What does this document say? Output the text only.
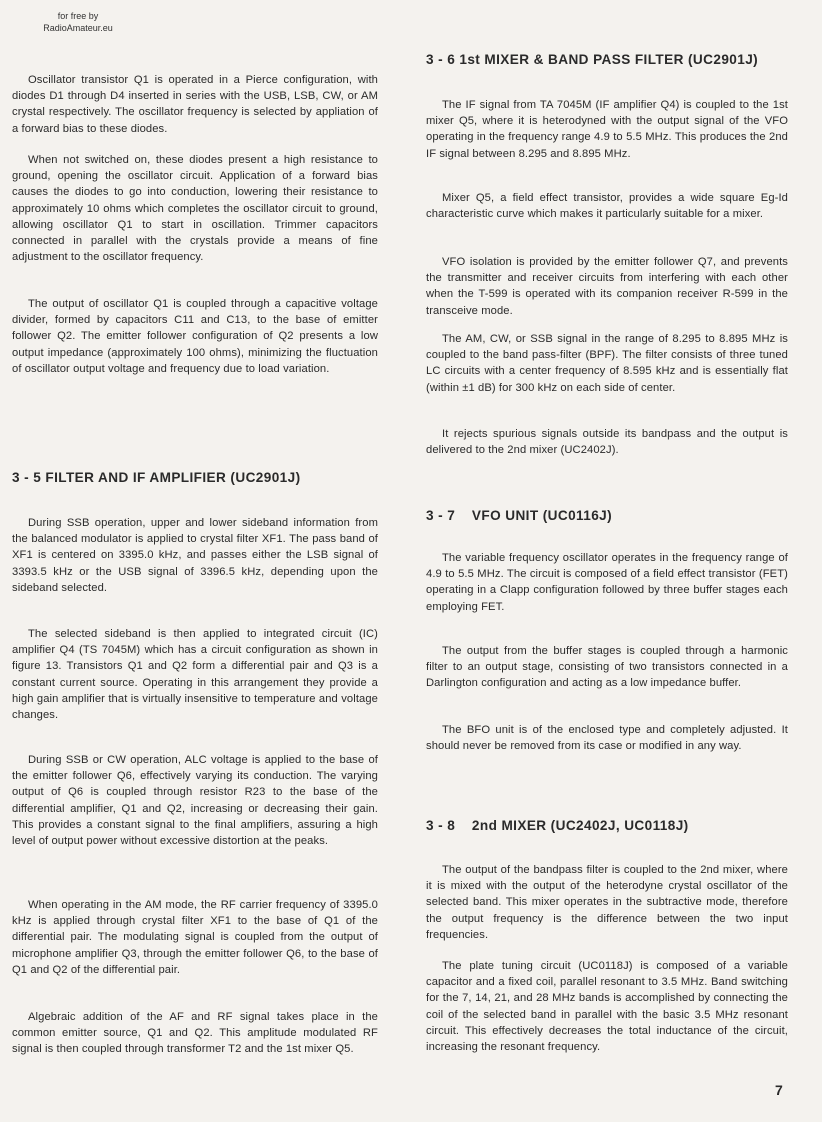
for free by
RadioAmateur.eu

Oscillator transistor Q1 is operated in a Pierce configuration, with diodes D1 through D4 inserted in series with the USB, LSB, CW, or AM crystal respectively. The oscillator frequency is selected by appliation of a forward bias to these diodes.

When not switched on, these diodes present a high resistance to ground, opening the oscillator circuit. Application of a forward bias causes the diodes to go into conduction, lowering their resistance to approximately 10 ohms which completes the oscillator circuit to ground, allowing oscillator Q1 to start in oscillation. Trimmer capacitors connected in parallel with the crystals provide a means of fine adjustment to the oscillator frequency.

The output of oscillator Q1 is coupled through a capacitive voltage divider, formed by capacitors C11 and C13, to the base of emitter follower Q2. The emitter follower configuration of Q2 presents a low output impedance (approximately 100 ohms), minimizing the fluctuation of oscillator output voltage and frequency due to load variation.

3 - 5 FILTER AND IF AMPLIFIER (UC2901J)

During SSB operation, upper and lower sideband information from the balanced modulator is applied to crystal filter XF1. The pass band of XF1 is centered on 3395.0 kHz, and passes either the LSB signal of 3393.5 kHz or the USB signal of 3396.5 kHz, depending upon the sideband selected.

The selected sideband is then applied to integrated circuit (IC) amplifier Q4 (TS 7045M) which has a circuit configuration as shown in figure 13. Transistors Q1 and Q2 form a differential pair and Q3 is a constant current source. Operating in this arrangement they provide a high gain amplifier that is virtually insensitive to temperature and voltage changes.

During SSB or CW operation, ALC voltage is applied to the base of the emitter follower Q6, effectively varying its conduction. The varying output of Q6 is coupled through resistor R23 to the base of the differential amplifier, Q1 and Q2, increasing or decreasing their gain. This provides a constant signal to the final amplifiers, assuring a high level of output power without excessive distortion at the peaks.

When operating in the AM mode, the RF carrier frequency of 3395.0 kHz is applied through crystal filter XF1 to the base of Q1 of the differential pair. The modulating signal is coupled from the output of microphone amplifier Q3, through the emitter follower Q6, to the base of Q1 and Q2 of the differential pair.

Algebraic addition of the AF and RF signal takes place in the common emitter source, Q1 and Q2. This amplitude modulated RF signal is then coupled through transformer T2 and the 1st mixer Q5.

3 - 6 1st MIXER & BAND PASS FILTER (UC2901J)

The IF signal from TA 7045M (IF amplifier Q4) is coupled to the 1st mixer Q5, where it is heterodyned with the output signal of the VFO operating in the frequency range 4.9 to 5.5 MHz. This produces the 2nd IF signal between 8.295 and 8.895 MHz.

Mixer Q5, a field effect transistor, provides a wide square Eg-Id characteristic curve which makes it particularly suitable for a mixer.

VFO isolation is provided by the emitter follower Q7, and prevents the transmitter and receiver circuits from interfering with each other when the T-599 is operated with its companion receiver R-599 in the transceive mode.

The AM, CW, or SSB signal in the range of 8.295 to 8.895 MHz is coupled to the band pass-filter (BPF). The filter consists of three tuned LC circuits with a center frequency of 8.595 kHz and is essentially flat (within ±1 dB) for 300 kHz on each side of center.

It rejects spurious signals outside its bandpass and the output is delivered to the 2nd mixer (UC2402J).

3 - 7    VFO UNIT (UC0116J)

The variable frequency oscillator operates in the frequency range of 4.9 to 5.5 MHz. The circuit is composed of a field effect transistor (FET) operating in a Clapp configuration followed by three buffer stages each employing FET.

The output from the buffer stages is coupled through a harmonic filter to an output stage, consisting of two transistors connected in a Darlington configuration and acting as a low impedance buffer.

The BFO unit is of the enclosed type and completely adjusted. It should never be removed from its case or modified in any way.

3 - 8    2nd MIXER (UC2402J, UC0118J)

The output of the bandpass filter is coupled to the 2nd mixer, where it is mixed with the output of the heterodyne crystal oscillator of the selected band. This mixer operates in the subtractive mode, therefore the output frequency is the difference between the two input frequencies.

The plate tuning circuit (UC0118J) is composed of a variable capacitor and a fixed coil, parallel resonant to 3.5 MHz. Band switching for the 7, 14, 21, and 28 MHz bands is accomplished by connecting the coil of the selected band in parallel with the basic 3.5 MHz resonant circuit. This effectively decreases the total inductance of the circuit, increasing the resonant frequency.

7
